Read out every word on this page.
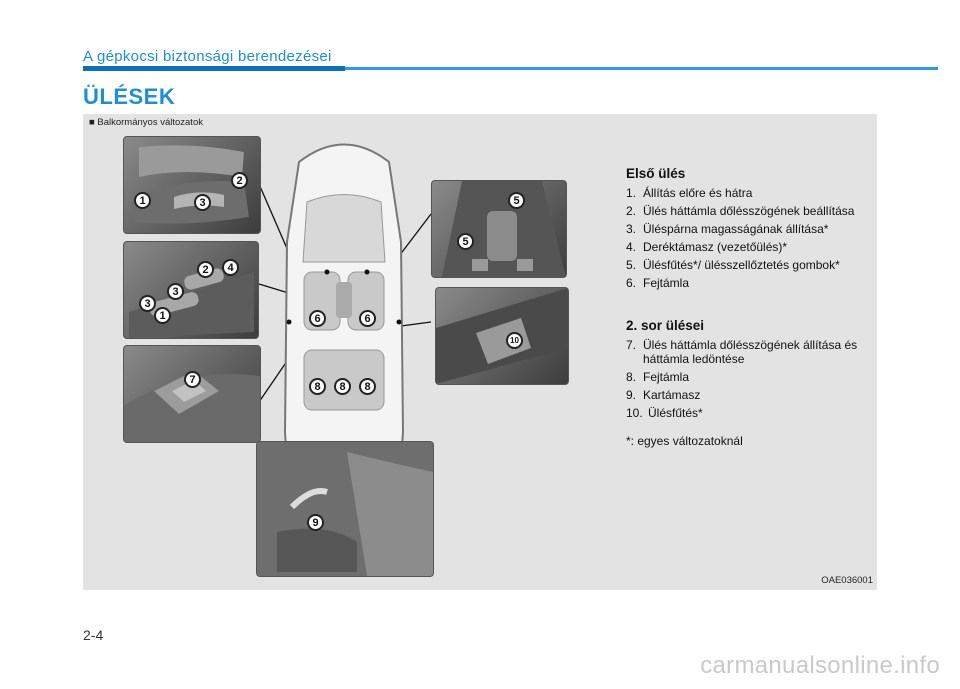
A gépkocsi biztonsági berendezései
ÜLÉSEK
■ Balkormányos változatok
1
2
3
2	4
3
3
1
7
6	6
8	8	8
5
5
10
9
Első ülés
1. Állítás előre és hátra
2. Ülés háttámla dőlésszögének beállítása
3. Üléspárna magasságának állítása*
4. Deréktámasz (vezetőülés)*
5. Ülésfűtés*/ ülésszellőztetés gombok*
6. Fejtámla
2. sor ülései
7. Ülés háttámla dőlésszögének állítása és háttámla ledöntése
8. Fejtámla
9. Kartámasz
10. Ülésfűtés*
*: egyes változatoknál
OAE036001
2-4
carmanualsonline.info
